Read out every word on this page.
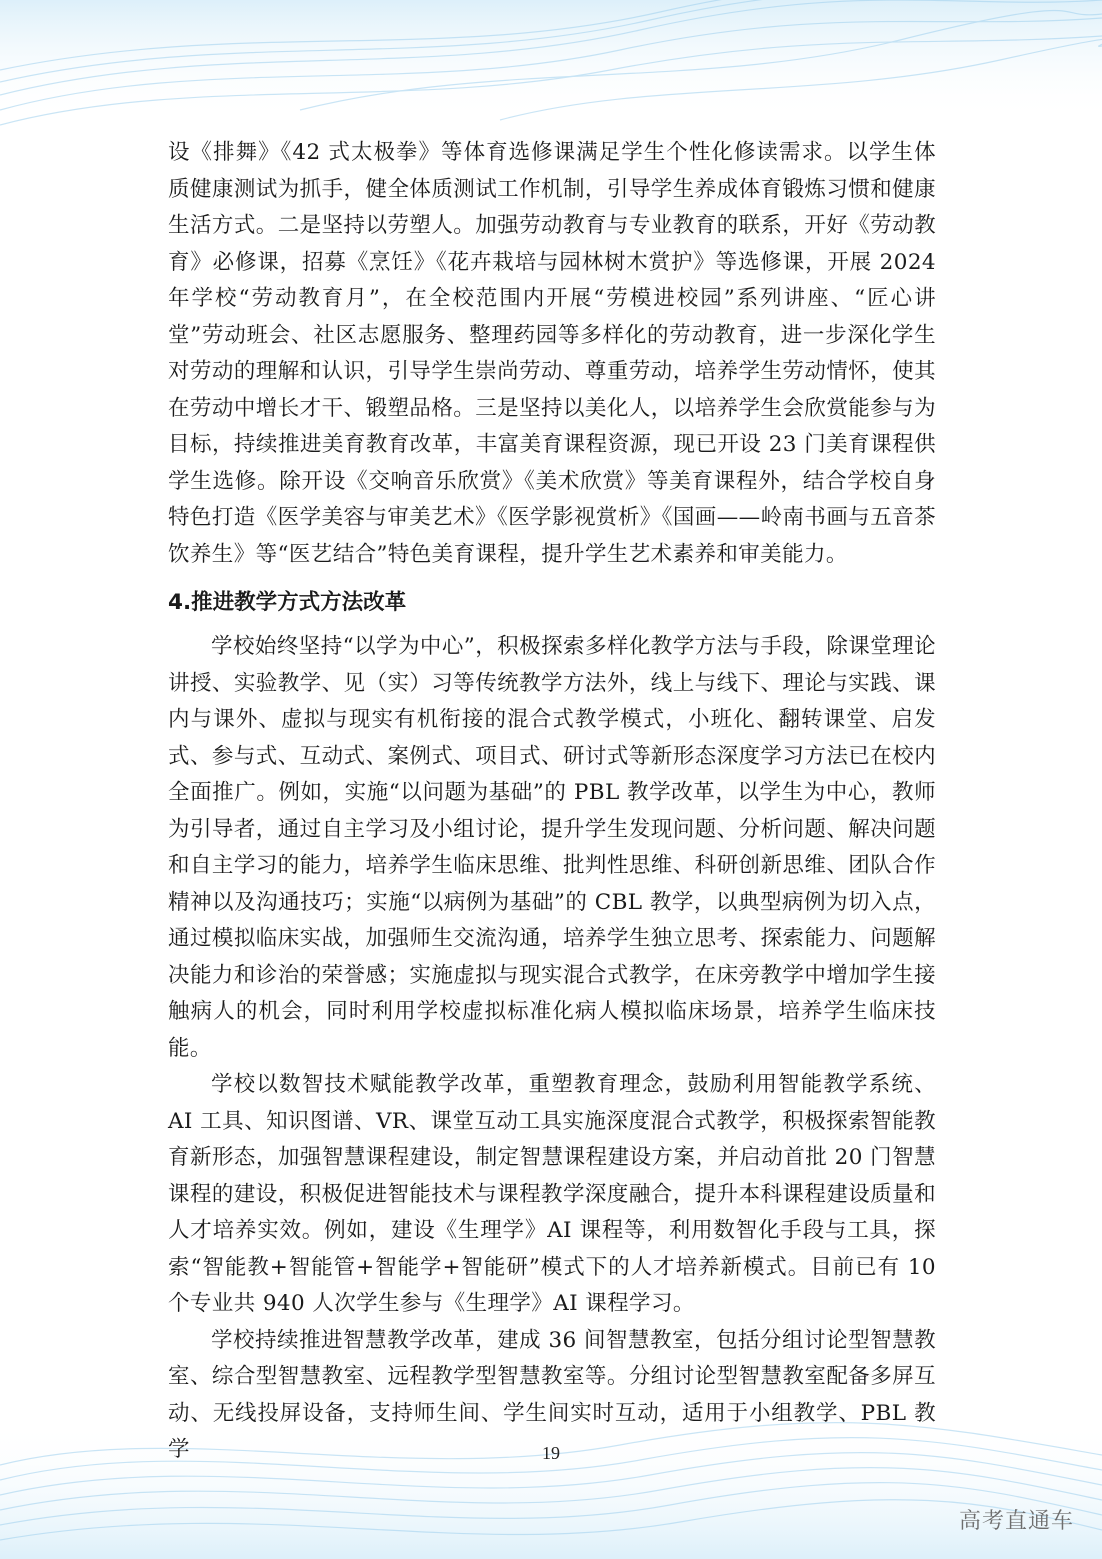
设《排舞》《42 式太极拳》等体育选修课满足学生个性化修读需求。以学生体质健康测试为抓手，健全体质测试工作机制，引导学生养成体育锻炼习惯和健康生活方式。二是坚持以劳塑人。加强劳动教育与专业教育的联系，开好《劳动教育》必修课，招募《烹饪》《花卉栽培与园林树木赏护》等选修课，开展 2024 年学校“劳动教育月”，在全校范围内开展“劳模进校园”系列讲座、“匠心讲堂”劳动班会、社区志愿服务、整理药园等多样化的劳动教育，进一步深化学生对劳动的理解和认识，引导学生崇尚劳动、尊重劳动，培养学生劳动情怀，使其在劳动中增长才干、锻塑品格。三是坚持以美化人，以培养学生会欣赏能参与为目标，持续推进美育教育改革，丰富美育课程资源，现已开设 23 门美育课程供学生选修。除开设《交响音乐欣赏》《美术欣赏》等美育课程外，结合学校自身特色打造《医学美容与审美艺术》《医学影视赏析》《国画——岭南书画与五音茶饮养生》等“医艺结合”特色美育课程，提升学生艺术素养和审美能力。

4.推进教学方式方法改革

学校始终坚持“以学为中心”，积极探索多样化教学方法与手段，除课堂理论讲授、实验教学、见（实）习等传统教学方法外，线上与线下、理论与实践、课内与课外、虚拟与现实有机衔接的混合式教学模式，小班化、翻转课堂、启发式、参与式、互动式、案例式、项目式、研讨式等新形态深度学习方法已在校内全面推广。例如，实施“以问题为基础”的 PBL 教学改革，以学生为中心，教师为引导者，通过自主学习及小组讨论，提升学生发现问题、分析问题、解决问题和自主学习的能力，培养学生临床思维、批判性思维、科研创新思维、团队合作精神以及沟通技巧；实施“以病例为基础”的 CBL 教学，以典型病例为切入点，通过模拟临床实战，加强师生交流沟通，培养学生独立思考、探索能力、问题解决能力和诊治的荣誉感；实施虚拟与现实混合式教学，在床旁教学中增加学生接触病人的机会，同时利用学校虚拟标准化病人模拟临床场景，培养学生临床技能。

学校以数智技术赋能教学改革，重塑教育理念，鼓励利用智能教学系统、AI 工具、知识图谱、VR、课堂互动工具实施深度混合式教学，积极探索智能教育新形态，加强智慧课程建设，制定智慧课程建设方案，并启动首批 20 门智慧课程的建设，积极促进智能技术与课程教学深度融合，提升本科课程建设质量和人才培养实效。例如，建设《生理学》AI 课程等，利用数智化手段与工具，探索“智能教+智能管+智能学+智能研”模式下的人才培养新模式。目前已有 10 个专业共 940 人次学生参与《生理学》AI 课程学习。

学校持续推进智慧教学改革，建成 36 间智慧教室，包括分组讨论型智慧教室、综合型智慧教室、远程教学型智慧教室等。分组讨论型智慧教室配备多屏互动、无线投屏设备，支持师生间、学生间实时互动，适用于小组教学、PBL 教学	19
高考直通车
